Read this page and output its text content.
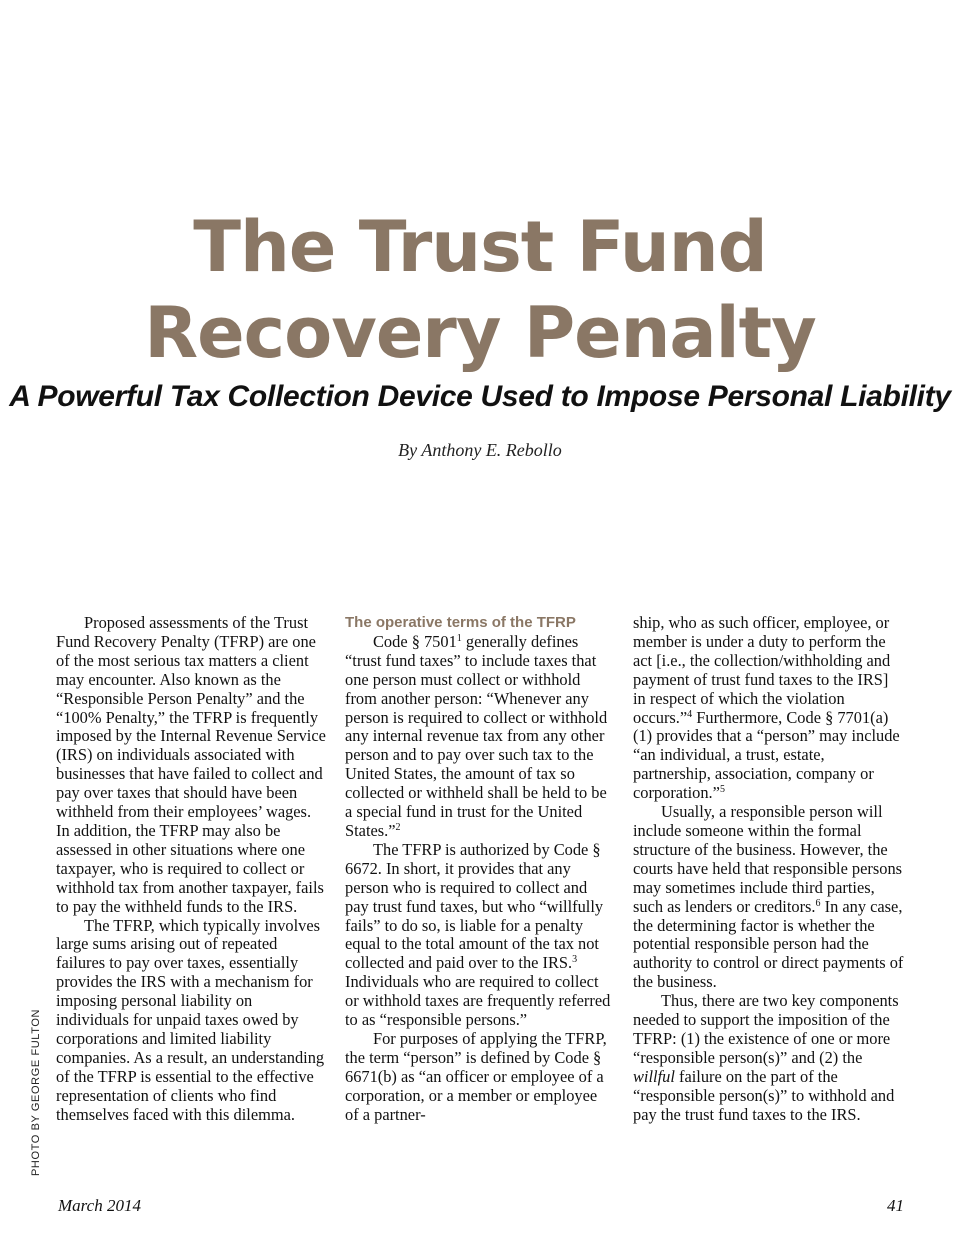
The Trust Fund
Recovery Penalty
A Powerful Tax Collection Device Used to Impose Personal Liability
By Anthony E. Rebollo

Proposed assessments of the Trust Fund Recovery Penalty (TFRP) are one of the most serious tax matters a client may encounter. Also known as the “Responsible Person Penalty” and the “100% Penalty,” the TFRP is frequently imposed by the Internal Revenue Service (IRS) on individuals associated with businesses that have failed to collect and pay over taxes that should have been withheld from their employees’ wages. In addition, the TFRP may also be assessed in other situations where one taxpayer, who is required to collect or withhold tax from another taxpayer, fails to pay the withheld funds to the IRS.

The TFRP, which typically involves large sums arising out of repeated failures to pay over taxes, essentially provides the IRS with a mechanism for imposing personal liability on individuals for unpaid taxes owed by corporations and limited liability companies. As a result, an understanding of the TFRP is essential to the effective representation of clients who find themselves faced with this dilemma.

The operative terms of the TFRP

Code § 7501$^1$ generally defines “trust fund taxes” to include taxes that one person must collect or withhold from another person: “Whenever any person is required to collect or withhold any internal revenue tax from any other person and to pay over such tax to the United States, the amount of tax so collected or withheld shall be held to be a special fund in trust for the United States.”$^2$

The TFRP is authorized by Code § 6672. In short, it provides that any person who is required to collect and pay trust fund taxes, but who “willfully fails” to do so, is liable for a penalty equal to the total amount of the tax not collected and paid over to the IRS.$^3$ Individuals who are required to collect or withhold taxes are frequently referred to as “responsible persons.”

For purposes of applying the TFRP, the term “person” is defined by Code § 6671(b) as “an officer or employee of a corporation, or a member or employee of a partner-

ship, who as such officer, employee, or member is under a duty to perform the act [i.e., the collection/withholding and payment of trust fund taxes to the IRS] in respect of which the violation occurs.”$^4$ Furthermore, Code § 7701(a)(1) provides that a “person” may include “an individual, a trust, estate, partnership, association, company or corporation.”$^5$

Usually, a responsible person will include someone within the formal structure of the business. However, the courts have held that responsible persons may sometimes include third parties, such as lenders or creditors.$^6$ In any case, the determining factor is whether the potential responsible person had the authority to control or direct payments of the business.

Thus, there are two key components needed to support the imposition of the TFRP: (1) the existence of one or more “responsible person(s)” and (2) the willful failure on the part of the “responsible person(s)” to withhold and pay the trust fund taxes to the IRS.

PHOTO BY GEORGE FULTON
March 2014	41
